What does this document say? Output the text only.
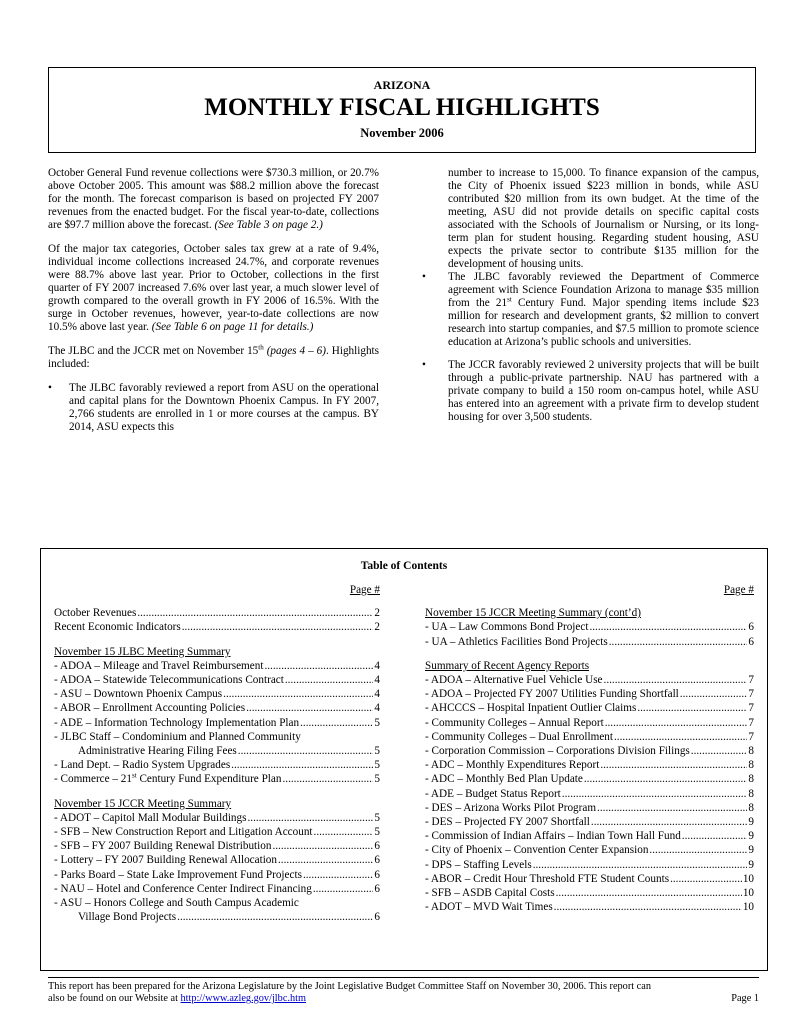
ARIZONA
MONTHLY FISCAL HIGHLIGHTS
November 2006

October General Fund revenue collections were $730.3 million, or 20.7% above October 2005. This amount was $88.2 million above the forecast for the month. The forecast comparison is based on projected FY 2007 revenues from the enacted budget. For the fiscal year-to-date, collections are $97.7 million above the forecast. (See Table 3 on page 2.)

Of the major tax categories, October sales tax grew at a rate of 9.4%, individual income collections increased 24.7%, and corporate revenues were 88.7% above last year. Prior to October, collections in the first quarter of FY 2007 increased 7.6% over last year, a much slower level of growth compared to the overall growth in FY 2006 of 16.5%. With the surge in October revenues, however, year-to-date collections are now 10.5% above last year. (See Table 6 on page 11 for details.)

The JLBC and the JCCR met on November 15th (pages 4 – 6). Highlights included:

•	The JLBC favorably reviewed a report from ASU on the operational and capital plans for the Downtown Phoenix Campus. In FY 2007, 2,766 students are enrolled in 1 or more courses at the campus. BY 2014, ASU expects this
number to increase to 15,000. To finance expansion of the campus, the City of Phoenix issued $223 million in bonds, while ASU contributed $20 million from its own budget. At the time of the meeting, ASU did not provide details on specific capital costs associated with the Schools of Journalism or Nursing, or its long-term plan for student housing. Regarding student housing, ASU expects the private sector to contribute $135 million for the development of housing units.
•	The JLBC favorably reviewed the Department of Commerce agreement with Science Foundation Arizona to manage $35 million from the 21st Century Fund. Major spending items include $23 million for research and development grants, $2 million to convert research into startup companies, and $7.5 million to promote science education at Arizona’s public schools and universities.
•	The JCCR favorably reviewed 2 university projects that will be built through a public-private partnership. NAU has partnered with a private company to build a 150 room on-campus hotel, while ASU has entered into an agreement with a private firm to develop student housing for over 3,500 students.
Table of Contents
Page #
October Revenues .....	2
Recent Economic Indicators .....	2
November 15 JLBC Meeting Summary
- ADOA – Mileage and Travel Reimbursement .....	4
- ADOA – Statewide Telecommunications Contract .....	4
- ASU – Downtown Phoenix Campus .....	4
- ABOR – Enrollment Accounting Policies .....	4
- ADE – Information Technology Implementation Plan .....	5
- JLBC Staff – Condominium and Planned Community
Administrative Hearing Filing Fees .....	5
- Land Dept. – Radio System Upgrades .....	5
- Commerce – 21st Century Fund Expenditure Plan .....	5
November 15 JCCR Meeting Summary
- ADOT – Capitol Mall Modular Buildings .....	5
- SFB – New Construction Report and Litigation Account .....	5
- SFB – FY 2007 Building Renewal Distribution .....	6
- Lottery – FY 2007 Building Renewal Allocation .....	6
- Parks Board – State Lake Improvement Fund Projects .....	6
- NAU – Hotel and Conference Center Indirect Financing .....	6
- ASU – Honors College and South Campus Academic
Village Bond Projects .....	6
Page #
November 15 JCCR Meeting Summary (cont’d)
- UA – Law Commons Bond Project .....	6
- UA – Athletics Facilities Bond Projects .....	6
Summary of Recent Agency Reports
- ADOA – Alternative Fuel Vehicle Use .....	7
- ADOA – Projected FY 2007 Utilities Funding Shortfall .....	7
- AHCCCS – Hospital Inpatient Outlier Claims .....	7
- Community Colleges – Annual Report .....	7
- Community Colleges – Dual Enrollment .....	7
- Corporation Commission – Corporations Division Filings .....	8
- ADC – Monthly Expenditures Report .....	8
- ADC – Monthly Bed Plan Update .....	8
- ADE – Budget Status Report .....	8
- DES – Arizona Works Pilot Program .....	8
- DES – Projected FY 2007 Shortfall .....	9
- Commission of Indian Affairs – Indian Town Hall Fund .....	9
- City of Phoenix – Convention Center Expansion .....	9
- DPS – Staffing Levels .....	9
- ABOR – Credit Hour Threshold FTE Student Counts .....	10
- SFB – ASDB Capital Costs .....	10
- ADOT – MVD Wait Times .....	10
This report has been prepared for the Arizona Legislature by the Joint Legislative Budget Committee Staff on November 30, 2006. This report can
also be found on our Website at http://www.azleg.gov/jlbc.htm	Page 1
